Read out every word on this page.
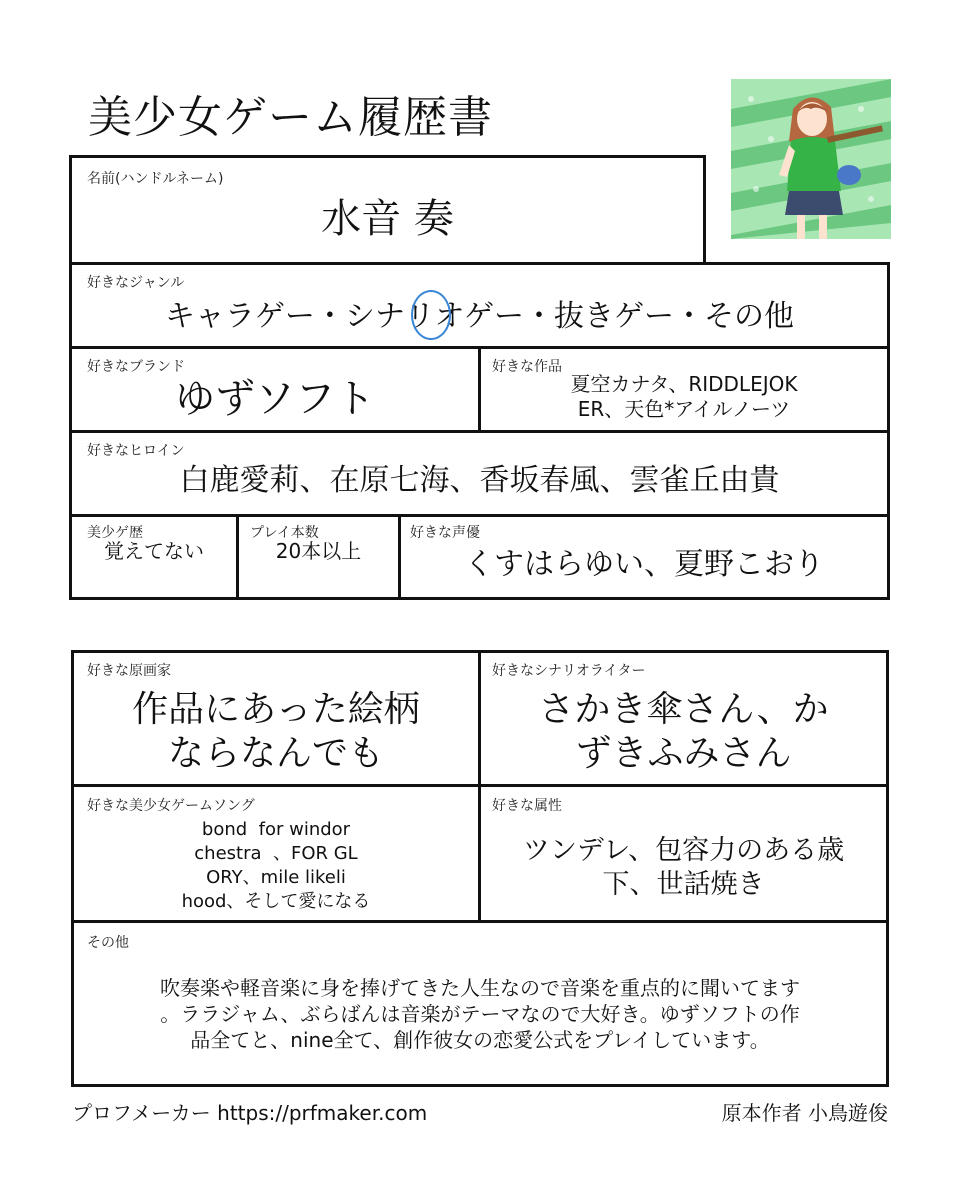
美少女ゲーム履歴書
名前(ハンドルネーム)
水音 奏
好きなジャンル
キャラゲー・シナリオゲー・抜きゲー・その他
好きなブランド
ゆずソフト
好きな作品
夏空カナタ、RIDDLEJOK
ER、天色*アイルノーツ
好きなヒロイン
白鹿愛莉、在原七海、香坂春風、雲雀丘由貴
美少ゲ歴
覚えてない
プレイ本数
20本以上
好きな声優
くすはらゆい、夏野こおり
好きな原画家
作品にあった絵柄
ならなんでも
好きなシナリオライター
さかき傘さん、か
ずきふみさん
好きな美少女ゲームソング
bond  for windor
chestra  、FOR GL
ORY、mile likeli
hood、そして愛になる
好きな属性
ツンデレ、包容力のある歳
下、世話焼き
その他
吹奏楽や軽音楽に身を捧げてきた人生なので音楽を重点的に聞いてます
。ララジャム、ぶらばんは音楽がテーマなので大好き。ゆずソフトの作
品全てと、nine全て、創作彼女の恋愛公式をプレイしています。
プロフメーカー https://prfmaker.com	原本作者 小鳥遊俊
